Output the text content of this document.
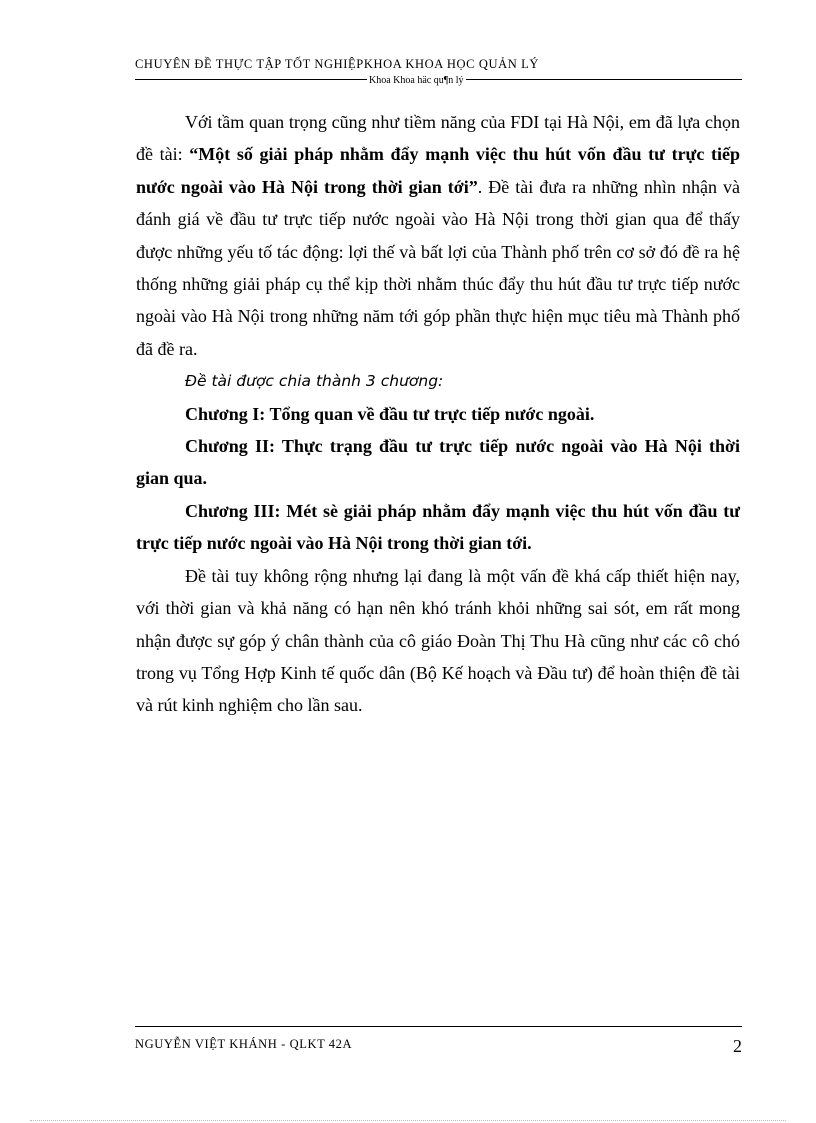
CHUYÊN ĐỀ THỰC TẬP TỐT NGHIỆPKHOA KHOA HỌC QUẢN LÝ
Khoa Khoa häc qu¶n lý

Với tầm quan trọng cũng như tiềm năng của FDI tại Hà Nội, em đã lựa chọn đề tài: “Một số giải pháp nhằm đẩy mạnh việc thu hút vốn đầu tư trực tiếp nước ngoài vào Hà Nội trong thời gian tới”. Đề tài đưa ra những nhìn nhận và đánh giá về đầu tư trực tiếp nước ngoài vào Hà Nội trong thời gian qua để thấy được những yếu tố tác động: lợi thế và bất lợi của Thành phố trên cơ sở đó đề ra hệ thống những giải pháp cụ thể kịp thời nhằm thúc đẩy thu hút đầu tư trực tiếp nước ngoài vào Hà Nội trong những năm tới góp phần thực hiện mục tiêu mà Thành phố đã đề ra.

Đề tài được chia thành 3 chương:

Chương I: Tổng quan về đầu tư trực tiếp nước ngoài.

Chương II: Thực trạng đầu tư trực tiếp nước ngoài vào Hà Nội thời gian qua.

Chương III: Mét sè giải pháp nhằm đẩy mạnh việc thu hút vốn đầu tư trực tiếp nước ngoài vào Hà Nội trong thời gian tới.

Đề tài tuy không rộng nhưng lại đang là một vấn đề khá cấp thiết hiện nay, với thời gian và khả năng có hạn nên khó tránh khỏi những sai sót, em rất mong nhận được sự góp ý chân thành của cô giáo Đoàn Thị Thu Hà cũng như các cô chó trong vụ Tổng Hợp Kinh tế quốc dân (Bộ Kế hoạch và Đầu tư) để hoàn thiện đề tài và rút kinh nghiệm cho lần sau.

NGUYỄN VIỆT KHÁNH - QLKT 42A	2
